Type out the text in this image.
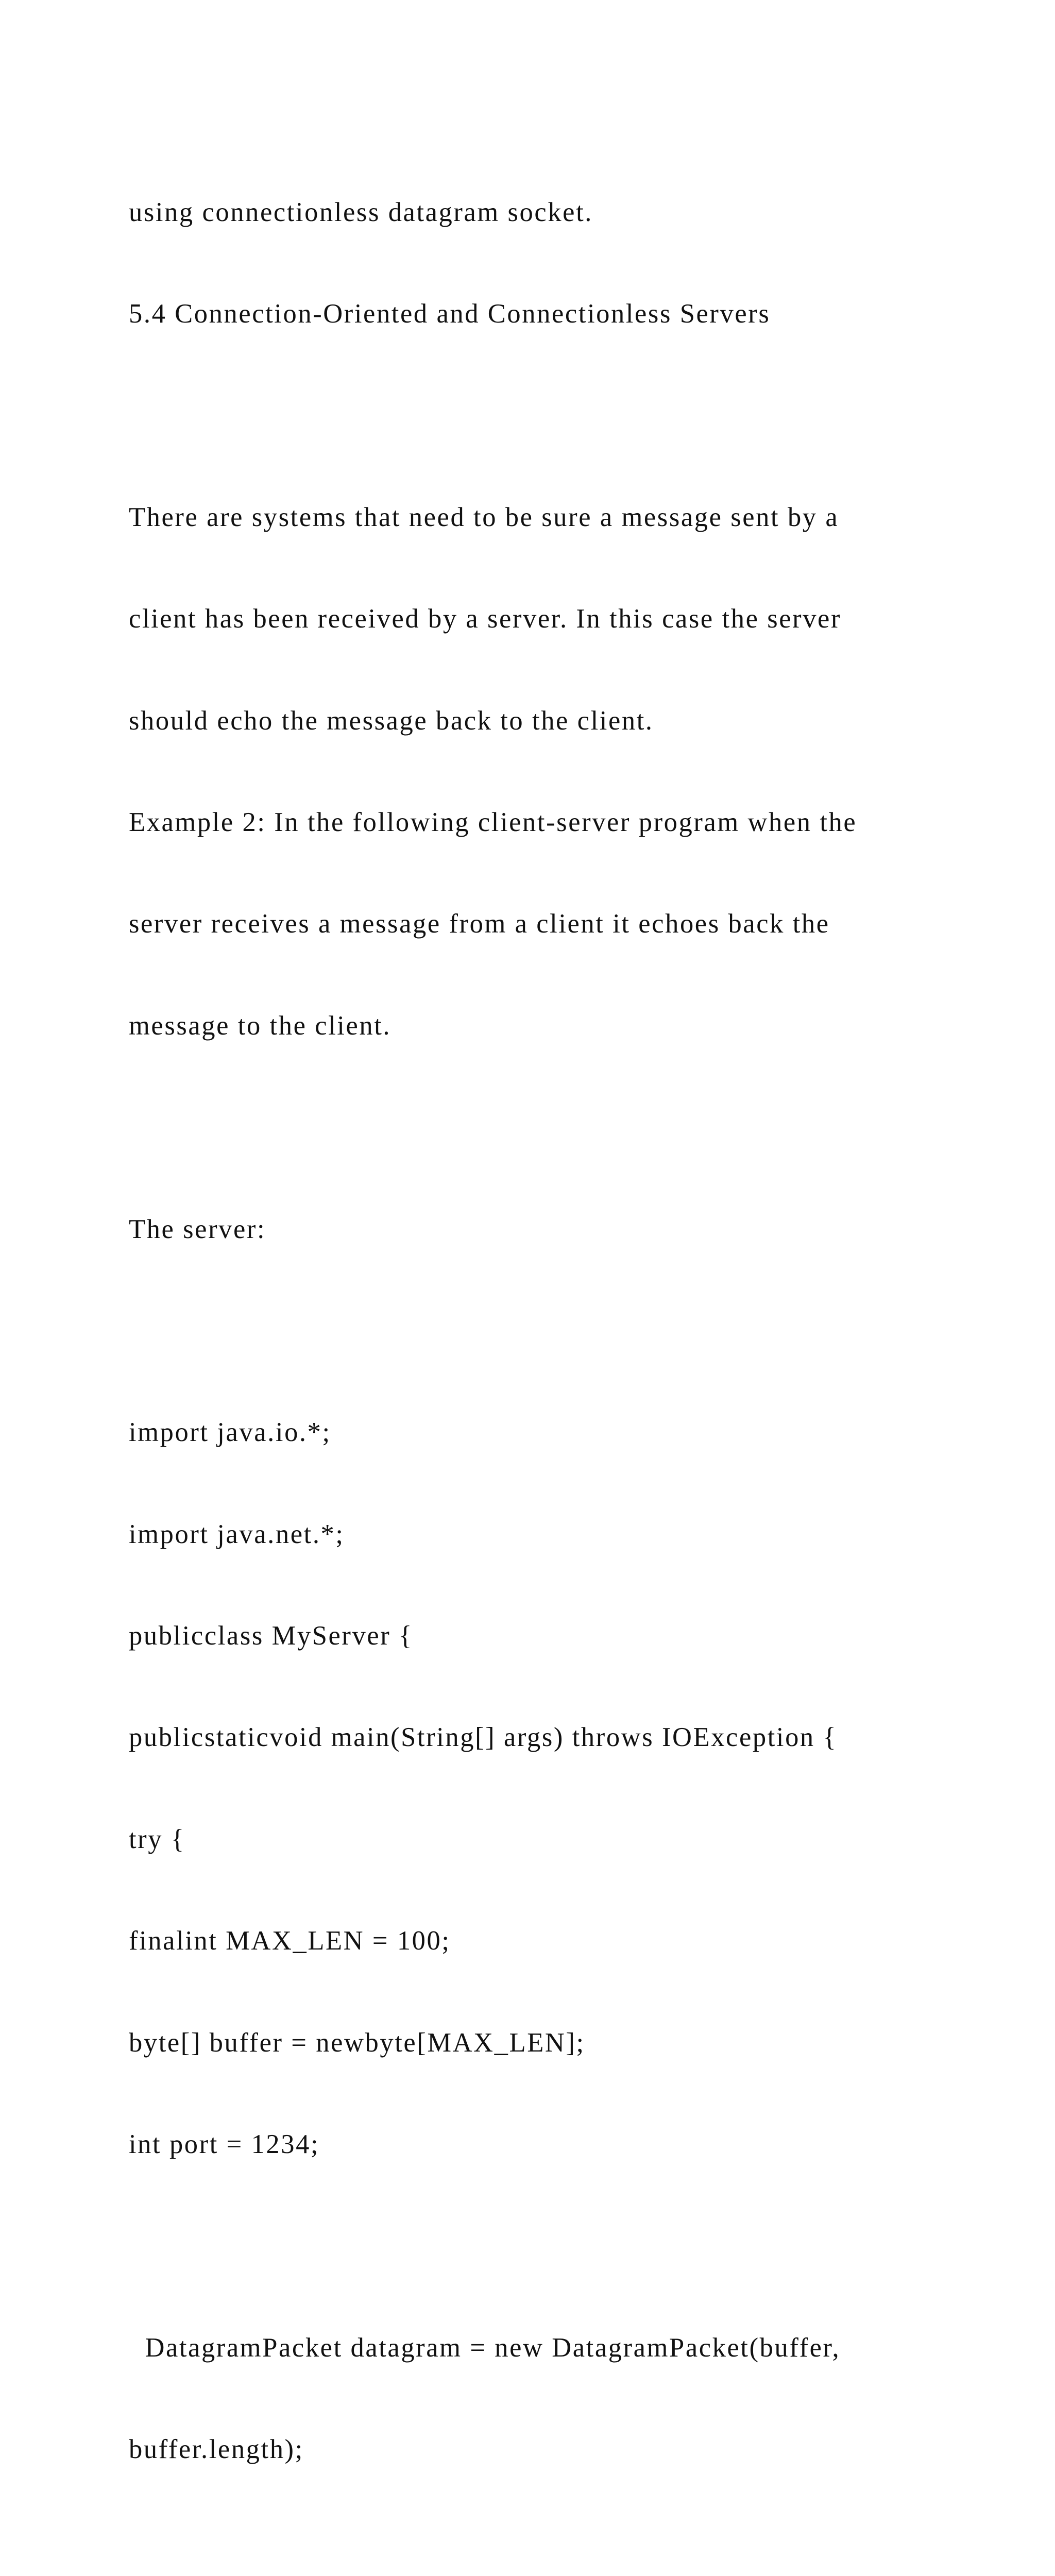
using connectionless datagram socket.

5.4 Connection-Oriented and Connectionless Servers

There are systems that need to be sure a message sent by a

client has been received by a server. In this case the server

should echo the message back to the client.

Example 2: In the following client-server program when the

server receives a message from a client it echoes back the

message to the client.

The server:

import java.io.*;

import java.net.*;

publicclass MyServer {

publicstaticvoid main(String[] args) throws IOException {

try {

finalint MAX_LEN = 100;

byte[] buffer = newbyte[MAX_LEN];

int port = 1234;

DatagramPacket datagram = new DatagramPacket(buffer,

buffer.length);
